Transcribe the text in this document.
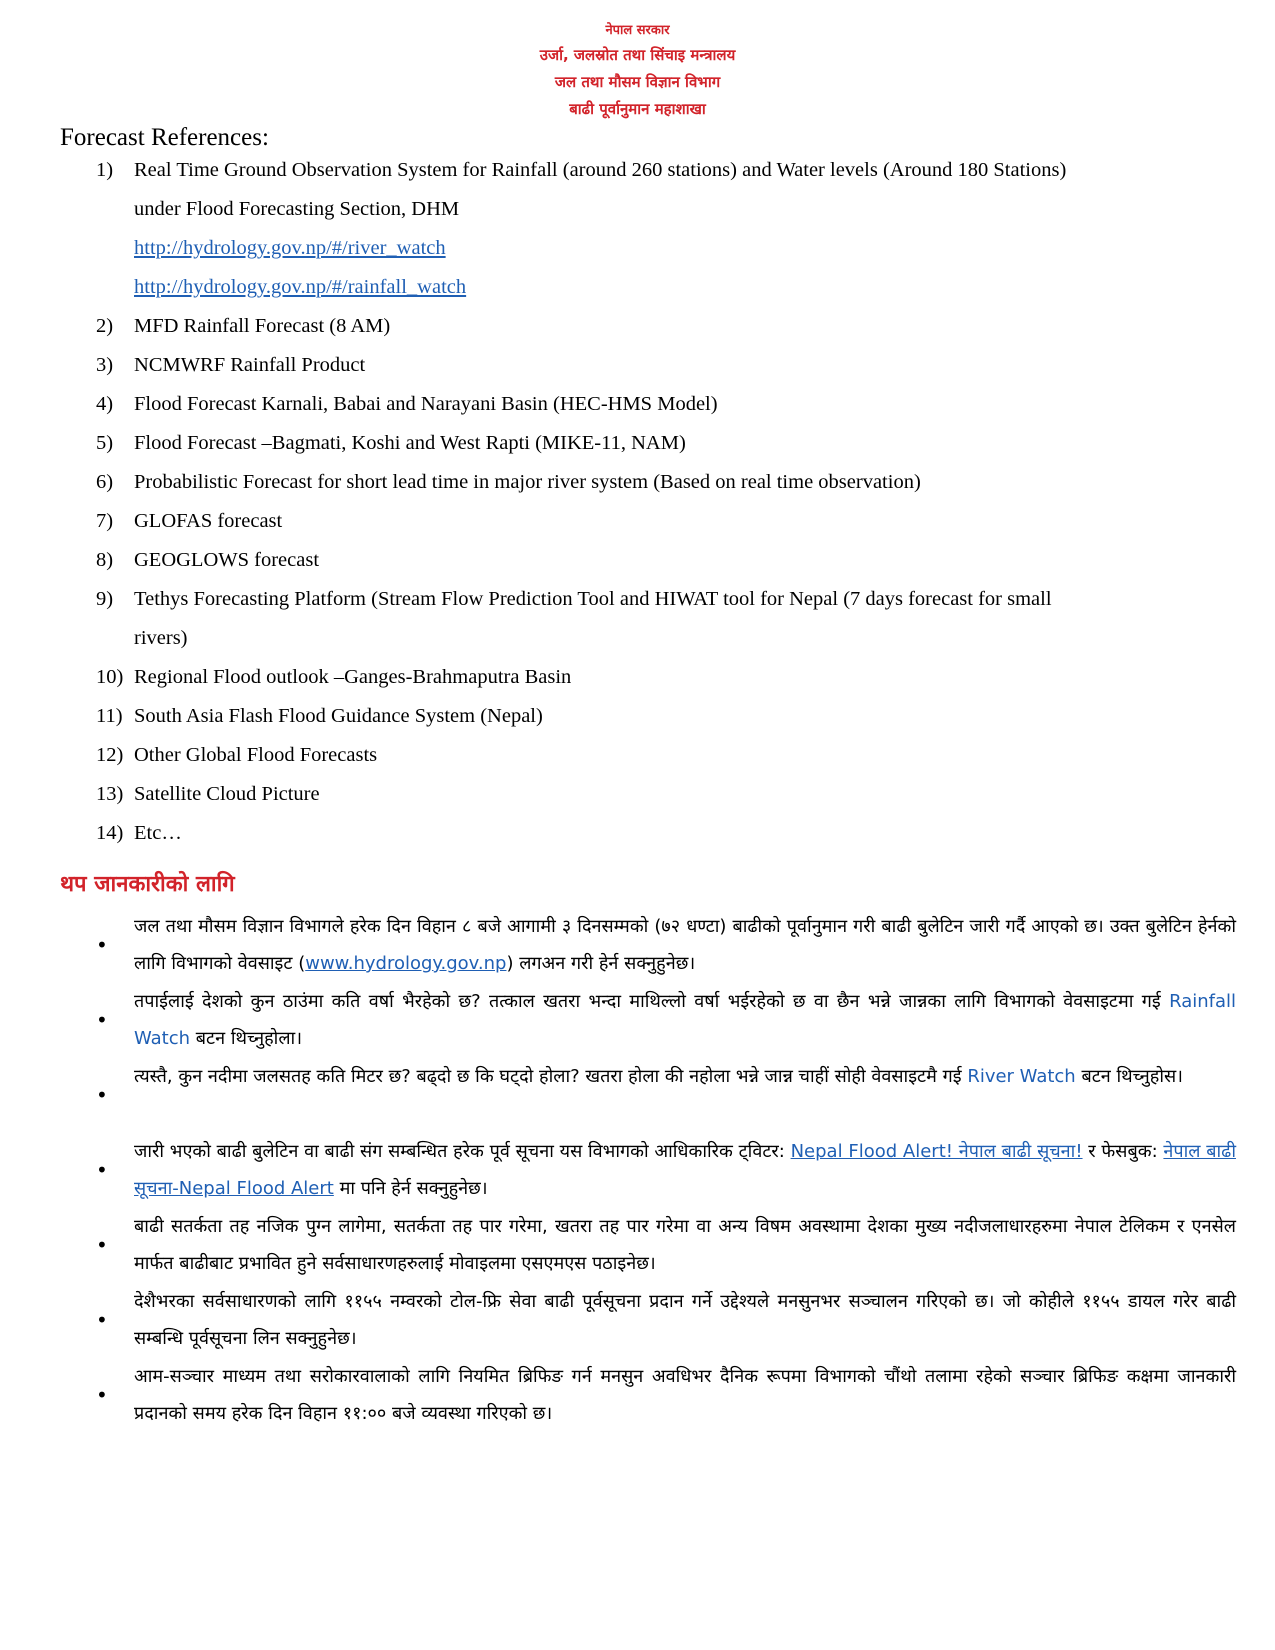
नेपाल सरकार
उर्जा, जलस्रोत तथा सिंचाइ मन्त्रालय
जल तथा मौसम विज्ञान विभाग
बाढी पूर्वानुमान महाशाखा
Forecast References:
1)	Real Time Ground Observation System for Rainfall (around 260 stations) and Water levels (Around 180 Stations)
under Flood Forecasting Section, DHM
http://hydrology.gov.np/#/river_watch
http://hydrology.gov.np/#/rainfall_watch
2)	MFD Rainfall Forecast (8 AM)
3)	NCMWRF Rainfall Product
4)	Flood Forecast Karnali, Babai and Narayani Basin (HEC-HMS Model)
5)	Flood Forecast –Bagmati, Koshi and West Rapti (MIKE-11, NAM)
6)	Probabilistic Forecast for short lead time in major river system (Based on real time observation)
7)	GLOFAS forecast
8)	GEOGLOWS forecast
9)	Tethys Forecasting Platform (Stream Flow Prediction Tool and HIWAT tool for Nepal (7 days forecast for small
rivers)
10) Regional Flood outlook –Ganges-Brahmaputra Basin
11) South Asia Flash Flood Guidance System (Nepal)
12) Other Global Flood Forecasts
13) Satellite Cloud Picture
14) Etc…
थप जानकारीको लागि
•
जल तथा मौसम विज्ञान विभागले हरेक दिन विहान ८ बजे आगामी ३ दिनसम्मको (७२ धण्टा) बाढीको पूर्वानुमान गरी बाढी बुलेटिन जारी गर्दै आएको छ। उक्त बुलेटिन हेर्नको लागि विभागको वेवसाइट (www.hydrology.gov.np) लगअन गरी हेर्न सक्नुहुनेछ।
•
तपाईलाई देशको कुन ठाउंमा कति वर्षा भैरहेको छ? तत्काल खतरा भन्दा माथिल्लो वर्षा भईरहेको छ वा छैन भन्ने जान्नका लागि विभागको वेवसाइटमा गई Rainfall Watch बटन थिच्नुहोला।
•
त्यस्तै, कुन नदीमा जलसतह कति मिटर छ? बढ्दो छ कि घट्दो होला? खतरा होला की नहोला भन्ने जान्न चाहीं सोही वेवसाइटमै गई River Watch बटन थिच्नुहोस।
•
जारी भएको बाढी बुलेटिन वा बाढी संग सम्बन्धित हरेक पूर्व सूचना यस विभागको आधिकारिक ट्विटर: Nepal Flood Alert! नेपाल बाढी सूचना! र फेसबुक: नेपाल बाढी सूचना-Nepal Flood Alert मा पनि हेर्न सक्नुहुनेछ।
•
बाढी सतर्कता तह नजिक पुग्न लागेमा, सतर्कता तह पार गरेमा, खतरा तह पार गरेमा वा अन्य विषम अवस्थामा देशका मुख्य नदीजलाधारहरुमा नेपाल टेलिकम र एनसेल मार्फत बाढीबाट प्रभावित हुने सर्वसाधारणहरुलाई मोवाइलमा एसएमएस पठाइनेछ।
•
देशैभरका सर्वसाधारणको लागि ११५५ नम्वरको टोल-फ्रि सेवा बाढी पूर्वसूचना प्रदान गर्ने उद्देश्यले मनसुनभर सञ्चालन गरिएको छ। जो कोहीले ११५५ डायल गरेर बाढी सम्बन्धि पूर्वसूचना लिन सक्नुहुनेछ।
•
आम-सञ्चार माध्यम तथा सरोकारवालाको लागि नियमित ब्रिफिङ गर्न मनसुन अवधिभर दैनिक रूपमा विभागको चौंथो तलामा रहेको सञ्चार ब्रिफिङ कक्षमा जानकारी प्रदानको समय हरेक दिन विहान ११:०० बजे व्यवस्था गरिएको छ।
